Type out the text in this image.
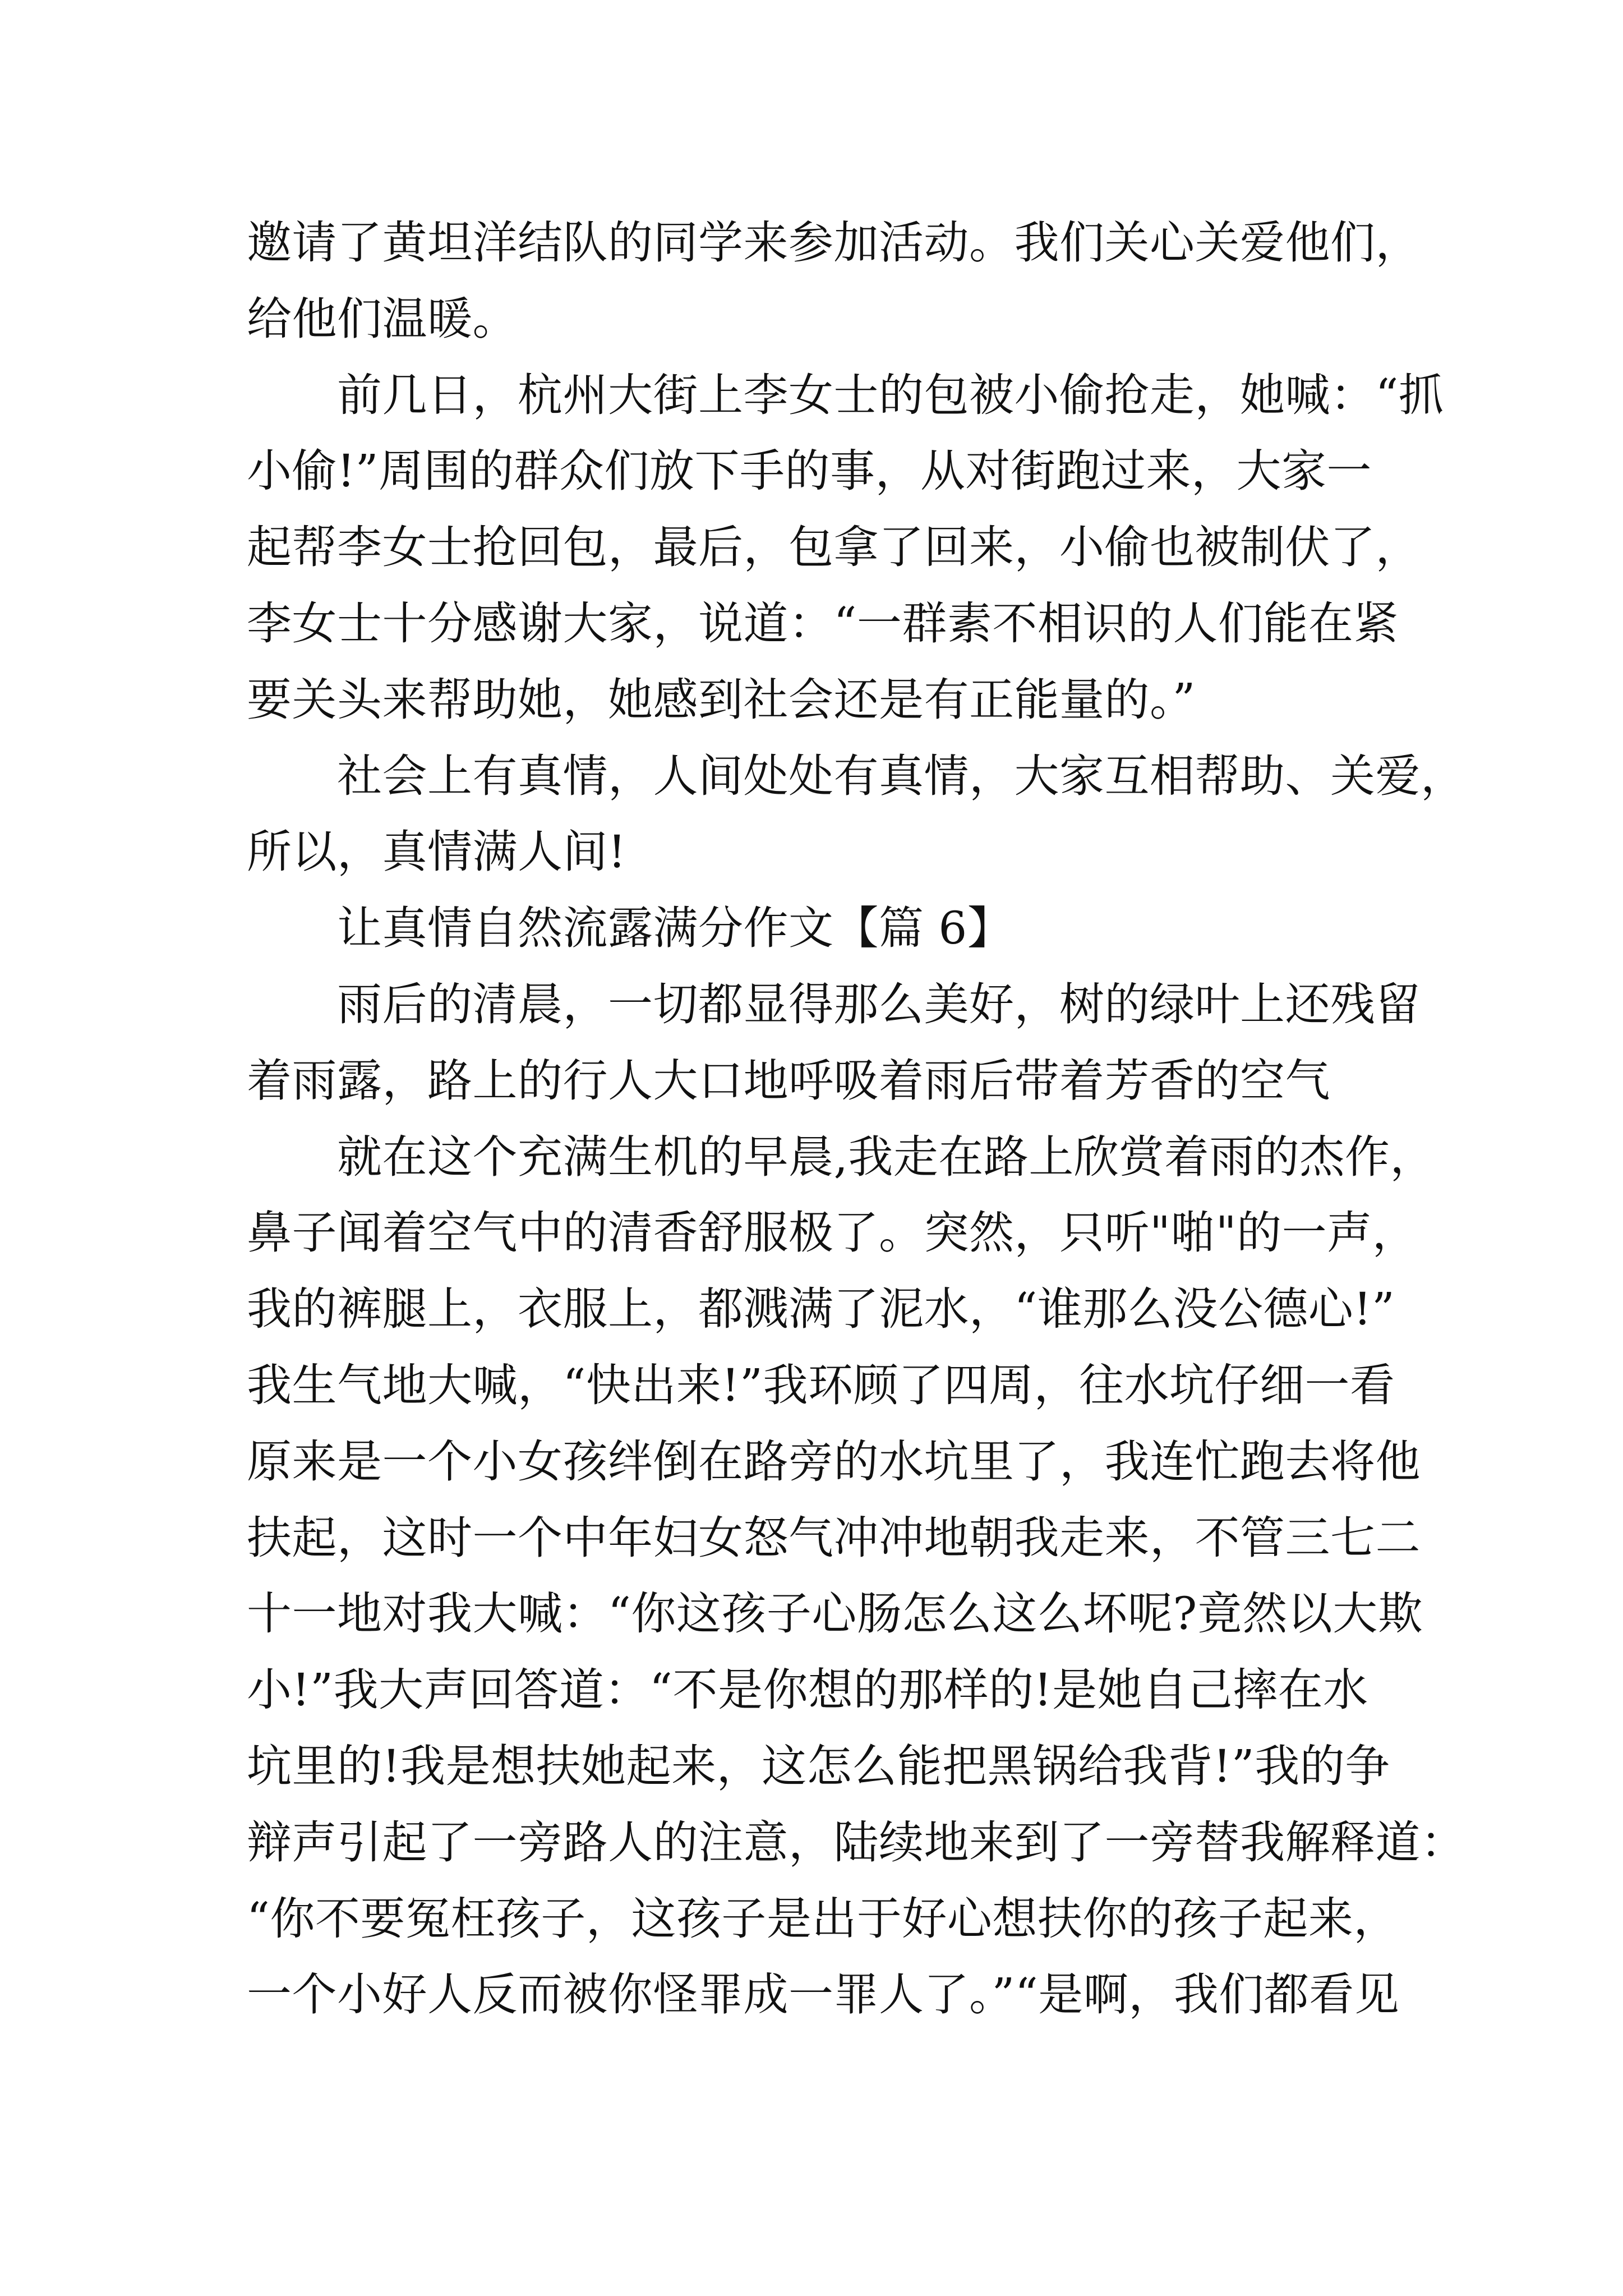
邀请了黄坦洋结队的同学来参加活动。我们关心关爱他们，
给他们温暖。
　　前几日，杭州大街上李女士的包被小偷抢走，她喊：“抓
小偷!”周围的群众们放下手的事，从对街跑过来，大家一
起帮李女士抢回包，最后，包拿了回来，小偷也被制伏了，
李女士十分感谢大家，说道：“一群素不相识的人们能在紧
要关头来帮助她，她感到社会还是有正能量的。”
　　社会上有真情，人间处处有真情，大家互相帮助、关爱，
所以，真情满人间!
　　让真情自然流露满分作文【篇 6】
　　雨后的清晨，一切都显得那么美好，树的绿叶上还残留
着雨露，路上的行人大口地呼吸着雨后带着芳香的空气
　　就在这个充满生机的早晨,我走在路上欣赏着雨的杰作，
鼻子闻着空气中的清香舒服极了。突然，只听"啪"的一声，
我的裤腿上，衣服上，都溅满了泥水，“谁那么没公德心!”
我生气地大喊，“快出来!”我环顾了四周，往水坑仔细一看
原来是一个小女孩绊倒在路旁的水坑里了，我连忙跑去将他
扶起，这时一个中年妇女怒气冲冲地朝我走来，不管三七二
十一地对我大喊：“你这孩子心肠怎么这么坏呢?竟然以大欺
小!”我大声回答道：“不是你想的那样的!是她自己摔在水
坑里的!我是想扶她起来，这怎么能把黑锅给我背!”我的争
辩声引起了一旁路人的注意，陆续地来到了一旁替我解释道：
“你不要冤枉孩子，这孩子是出于好心想扶你的孩子起来，
一个小好人反而被你怪罪成一罪人了。”“是啊，我们都看见
